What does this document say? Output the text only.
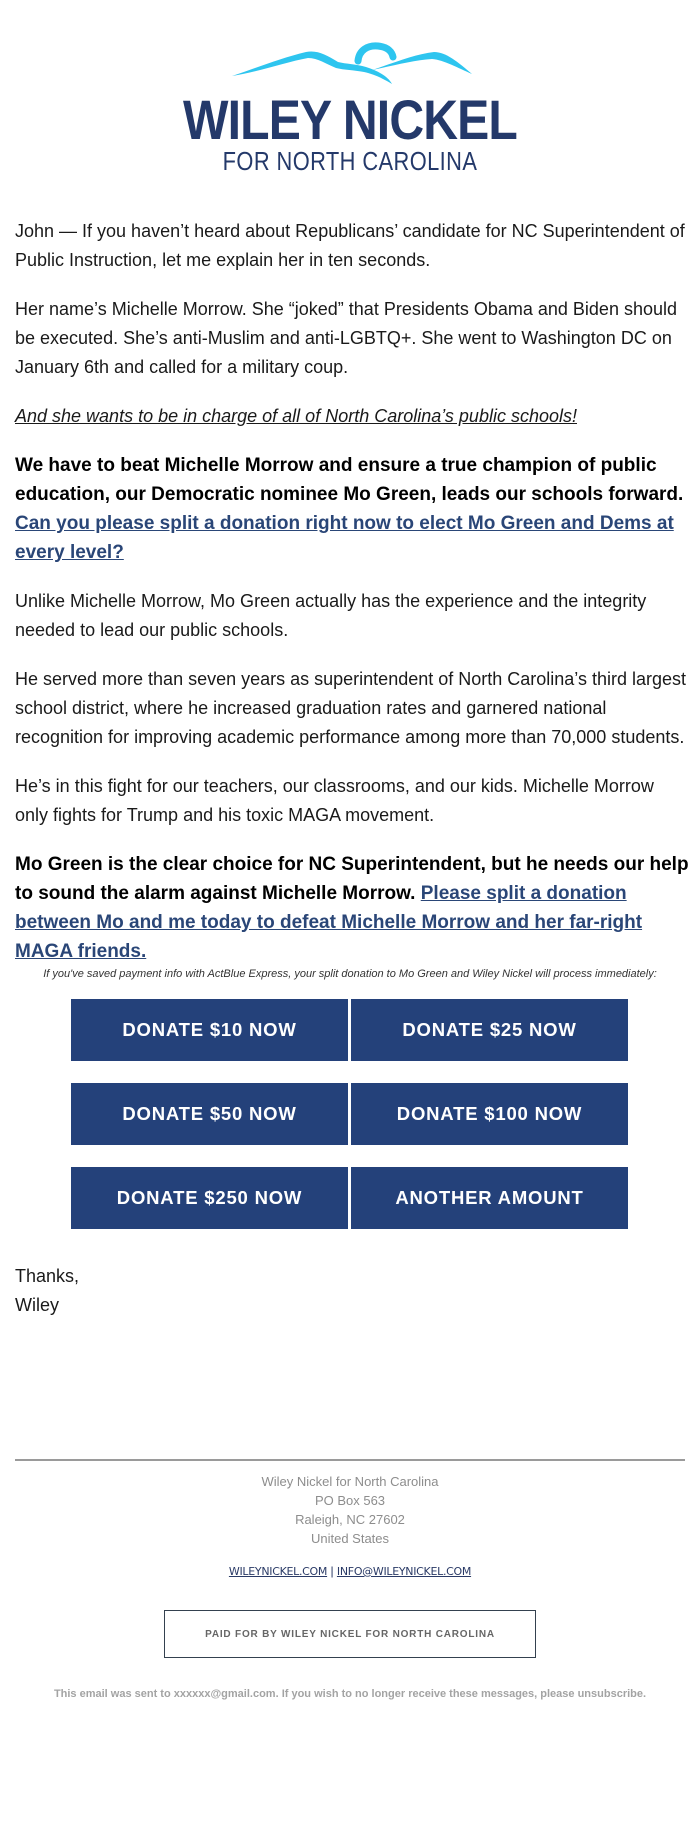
WILEY NICKEL
FOR NORTH CAROLINA

John — If you haven’t heard about Republicans’ candidate for NC Superintendent of Public Instruction, let me explain her in ten seconds.

Her name’s Michelle Morrow. She “joked” that Presidents Obama and Biden should be executed. She’s anti-Muslim and anti-LGBTQ+. She went to Washington DC on January 6th and called for a military coup.

And she wants to be in charge of all of North Carolina’s public schools!

We have to beat Michelle Morrow and ensure a true champion of public education, our Democratic nominee Mo Green, leads our schools forward. Can you please split a donation right now to elect Mo Green and Dems at every level?

Unlike Michelle Morrow, Mo Green actually has the experience and the integrity needed to lead our public schools.

He served more than seven years as superintendent of North Carolina’s third largest school district, where he increased graduation rates and garnered national recognition for improving academic performance among more than 70,000 students.

He’s in this fight for our teachers, our classrooms, and our kids. Michelle Morrow only fights for Trump and his toxic MAGA movement.

Mo Green is the clear choice for NC Superintendent, but he needs our help to sound the alarm against Michelle Morrow. Please split a donation between Mo and me today to defeat Michelle Morrow and her far-right MAGA friends.

If you've saved payment info with ActBlue Express, your split donation to Mo Green and Wiley Nickel will process immediately:
DONATE $10 NOW	DONATE $25 NOW
DONATE $50 NOW	DONATE $100 NOW
DONATE $250 NOW	ANOTHER AMOUNT
Thanks,
Wiley
Wiley Nickel for North Carolina
PO Box 563
Raleigh, NC 27602
United States
WILEYNICKEL.COM | INFO@WILEYNICKEL.COM
PAID FOR BY WILEY NICKEL FOR NORTH CAROLINA
This email was sent to xxxxxx@gmail.com. If you wish to no longer receive these messages, please unsubscribe.
